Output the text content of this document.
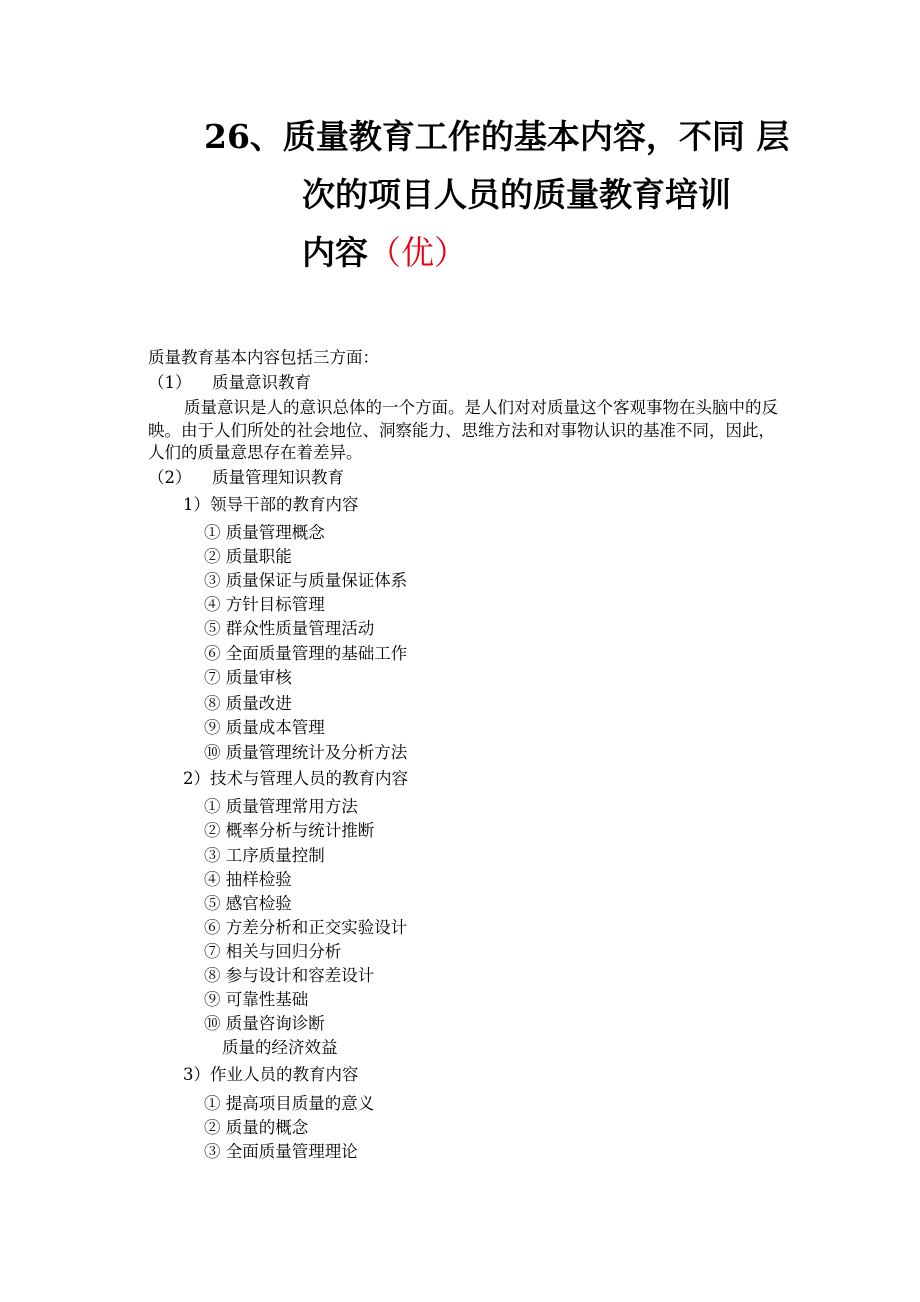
26、质量教育工作的基本内容，不同 层
次的项目人员的质量教育培训
内容（优）
质量教育基本内容包括三方面：
（1） 质量意识教育
质量意识是人的意识总体的一个方面。是人们对对质量这个客观事物在头脑中的反映。由于人们所处的社会地位、洞察能力、思维方法和对事物认识的基准不同，因此，人们的质量意思存在着差异。
（2） 质量管理知识教育
1）领导干部的教育内容
① 质量管理概念
② 质量职能
③ 质量保证与质量保证体系
④ 方针目标管理
⑤ 群众性质量管理活动
⑥ 全面质量管理的基础工作
⑦ 质量审核
⑧ 质量改进
⑨ 质量成本管理
⑩ 质量管理统计及分析方法
2）技术与管理人员的教育内容
① 质量管理常用方法
② 概率分析与统计推断
③ 工序质量控制
④ 抽样检验
⑤ 感官检验
⑥ 方差分析和正交实验设计
⑦ 相关与回归分析
⑧ 参与设计和容差设计
⑨ 可靠性基础
⑩ 质量咨询诊断
质量的经济效益
3）作业人员的教育内容
① 提高项目质量的意义
② 质量的概念
③ 全面质量管理理论
